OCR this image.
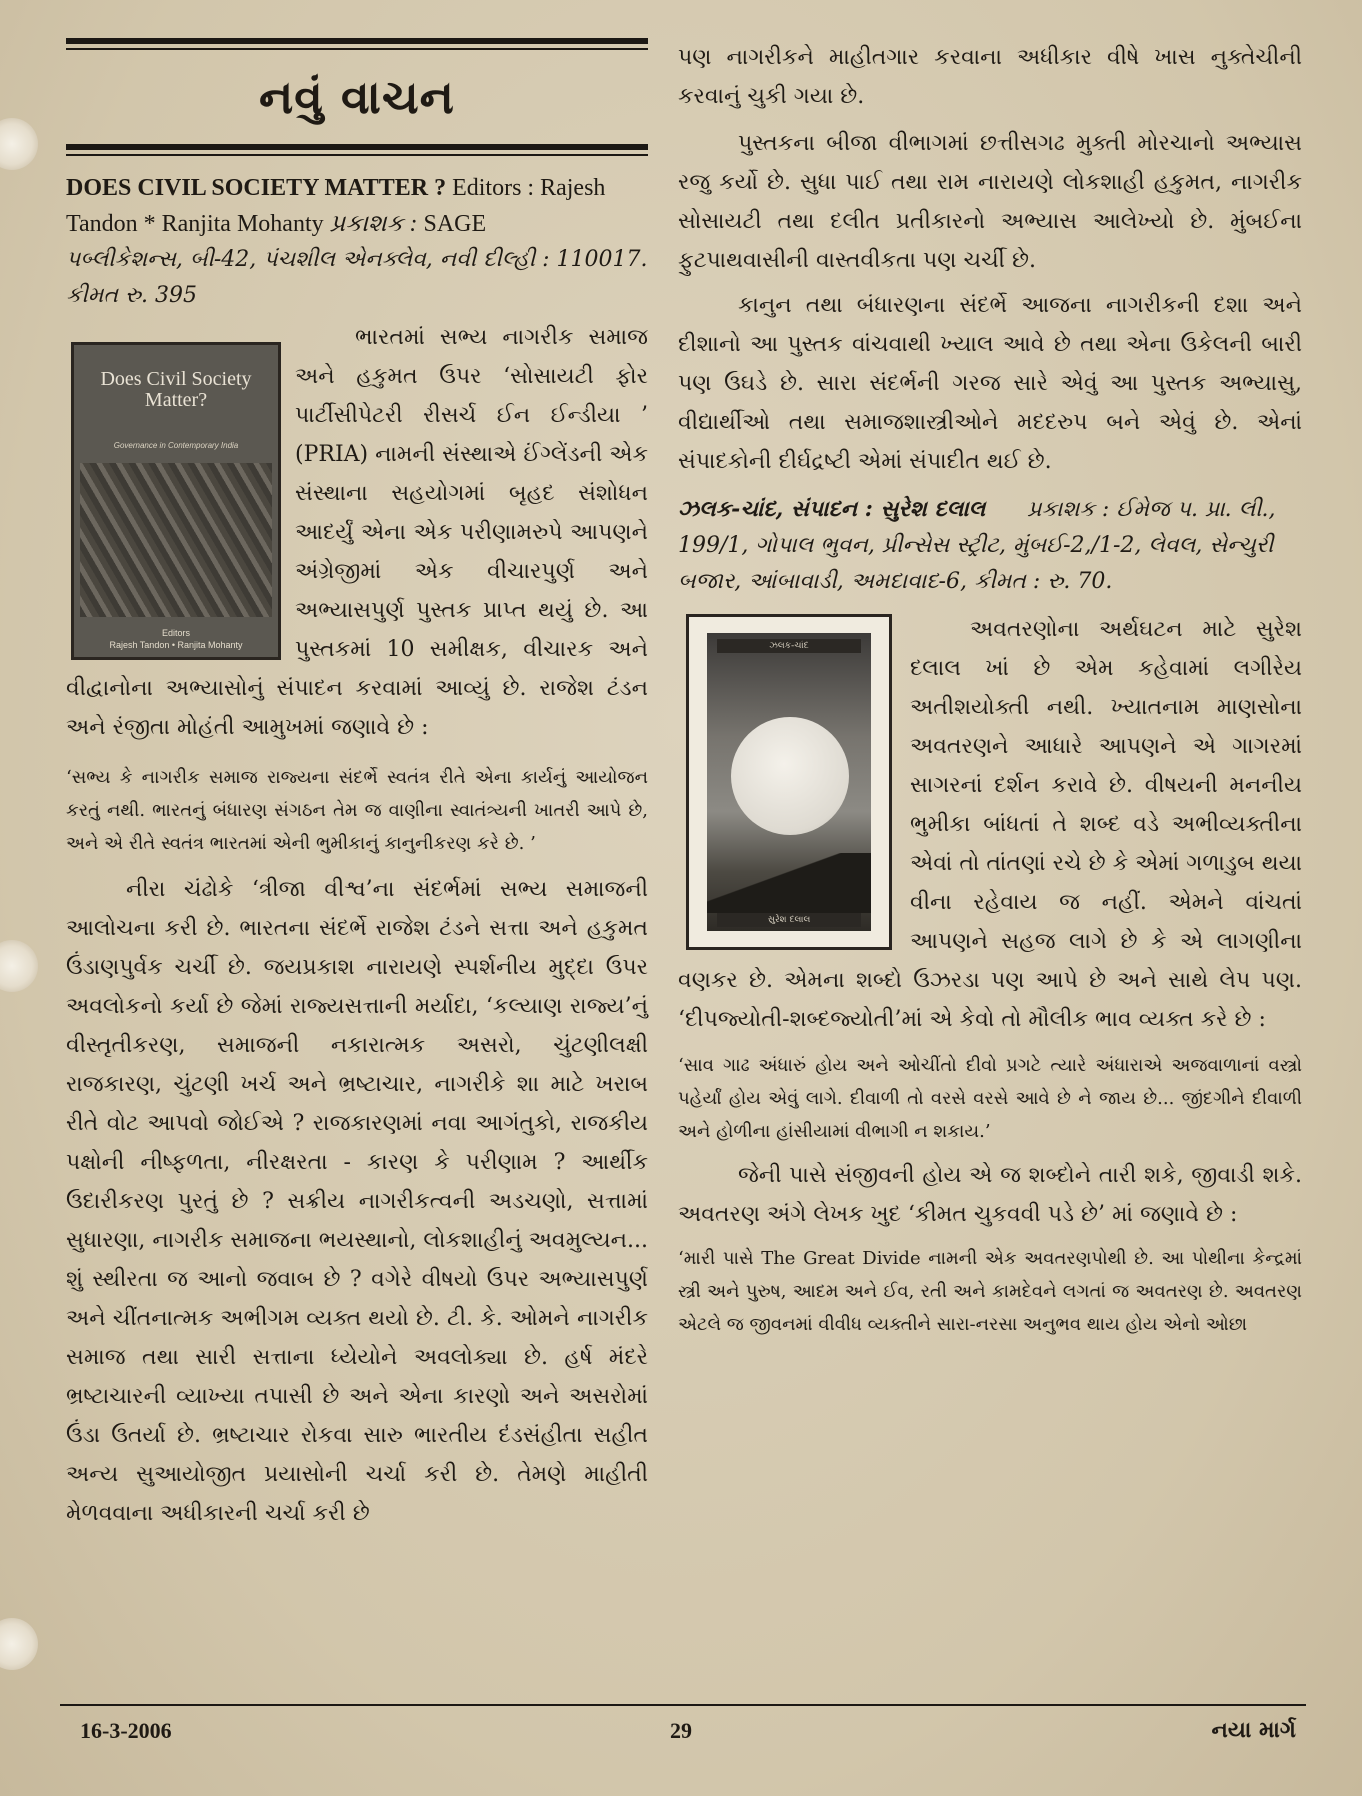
નવું વાચન

DOES CIVIL SOCIETY MATTER ? Editors : Rajesh Tandon * Ranjita Mohanty પ્રકાશક : SAGE

પબ્લીકેશન્સ, બી-42, પંચશીલ એનક્લેવ, નવી દીલ્હી : 110017. કીમત રુ. 395

Does Civil Society Matter?
Governance in Contemporary India
Editors
Rajesh Tandon • Ranjita Mohanty

ભારતમાં સભ્ય નાગરીક સમાજ અને હકુમત ઉપર ‘સોસાયટી ફોર પાર્ટીસીપેટરી રીસર્ચ ઈન ઈન્ડીયા ’ (PRIA) નામની સંસ્થાએ ઈંગ્લેંડની એક સંસ્થાના સહયોગમાં બૃહદ સંશોધન આદર્યું એના એક પરીણામરુપે આપણને અંગ્રેજીમાં એક વીચારપુર્ણ અને અભ્યાસપુર્ણ પુસ્તક પ્રાપ્ત થયું છે. આ પુસ્તકમાં 10 સમીક્ષક, વીચારક અને વીદ્વાનોના અભ્યાસોનું સંપાદન કરવામાં આવ્યું છે. રાજેશ ટંડન અને રંજીતા મોહંતી આમુખમાં જણાવે છે :

‘સભ્ય કે નાગરીક સમાજ રાજ્યના સંદર્ભે સ્વતંત્ર રીતે એના કાર્યનું આયોજન કરતું નથી. ભારતનું બંધારણ સંગઠન તેમ જ વાણીના સ્વાતંત્ર્યની ખાતરી આપે છે, અને એ રીતે સ્વતંત્ર ભારતમાં એની ભુમીકાનું કાનુનીકરણ કરે છે. ’

નીરા ચંઢોકે ‘ત્રીજા વીશ્વ’ના સંદર્ભમાં સભ્ય સમાજની આલોચના કરી છે. ભારતના સંદર્ભે રાજેશ ટંડને સત્તા અને હકુમત ઉંડાણપુર્વક ચર્ચી છે. જયપ્રકાશ નારાયણે સ્પર્શનીય મુદ્દા ઉપર અવલોકનો કર્યા છે જેમાં રાજ્યસત્તાની મર્યાદા, ‘કલ્યાણ રાજ્ય’નું વીસ્તૃતીકરણ, સમાજની નકારાત્મક અસરો, ચુંટણીલક્ષી રાજકારણ, ચુંટણી ખર્ચ અને ભ્રષ્ટાચાર, નાગરીકે શા માટે ખરાબ રીતે વોટ આપવો જોઈએ ? રાજકારણમાં નવા આગંતુકો, રાજકીય પક્ષોની નીષ્ફળતા, નીરક્ષરતા - કારણ કે પરીણામ ? આર્થીક ઉદારીકરણ પુરતું છે ? સક્રીય નાગરીકત્વની અડચણો, સત્તામાં સુધારણા, નાગરીક સમાજના ભયસ્થાનો, લોકશાહીનું અવમુલ્યન... શું સ્થીરતા જ આનો જવાબ છે ? વગેરે વીષયો ઉપર અભ્યાસપુર્ણ અને ચીંતનાત્મક અભીગમ વ્યક્ત થયો છે. ટી. કે. ઓમને નાગરીક સમાજ તથા સારી સત્તાના ધ્યેયોને અવલોક્યા છે. હર્ષ મંદરે ભ્રષ્ટાચારની વ્યાખ્યા તપાસી છે અને એના કારણો અને અસરોમાં ઉંડા ઉતર્યા છે. ભ્રષ્ટાચાર રોકવા સારુ ભારતીય દંડસંહીતા સહીત અન્ય સુઆયોજીત પ્રયાસોની ચર્ચા કરી છે. તેમણે માહીતી મેળવવાના અધીકારની ચર્ચા કરી છે

પણ નાગરીકને માહીતગાર કરવાના અધીકાર વીષે ખાસ નુક્તેચીની કરવાનું ચુકી ગયા છે.

પુસ્તકના બીજા વીભાગમાં છત્તીસગઢ મુક્તી મોરચાનો અભ્યાસ રજુ કર્યો છે. સુધા પાઈ તથા રામ નારાયણે લોકશાહી હકુમત, નાગરીક સોસાયટી તથા દલીત પ્રતીકારનો અભ્યાસ આલેખ્યો છે. મુંબઈના ફુટપાથવાસીની વાસ્તવીકતા પણ ચર્ચી છે.

કાનુન તથા બંધારણના સંદર્ભે આજના નાગરીકની દશા અને દીશાનો આ પુસ્તક વાંચવાથી ખ્યાલ આવે છે તથા એના ઉકેલની બારી પણ ઉઘડે છે. સારા સંદર્ભની ગરજ સારે એવું આ પુસ્તક અભ્યાસુ, વીદ્યાર્થીઓ તથા સમાજશાસ્ત્રીઓને મદદરુપ બને એવું છે. એનાં સંપાદકોની દીર્ઘદ્રષ્ટી એમાં સંપાદીત થઈ છે.

ઝલક-ચાંદ, સંપાદન : સુરેશ દલાલ પ્રકાશક : ઈમેજ પ. પ્રા. લી., 199/1, ગોપાલ ભુવન, પ્રીન્સેસ સ્ટ્રીટ, મુંબઈ-2,/1-2, લેવલ, સેન્ચુરી બજાર, આંબાવાડી, અમદાવાદ-6, કીમત : રુ. 70.

ઝલક-ચાંદ
સુરેશ દલાલ

અવતરણોના અર્થઘટન માટે સુરેશ દલાલ ખાં છે એમ કહેવામાં લગીરેય અતીશયોક્તી નથી. ખ્યાતનામ માણસોના અવતરણને આધારે આપણને એ ગાગરમાં સાગરનાં દર્શન કરાવે છે. વીષયની મનનીય ભુમીકા બાંધતાં તે શબ્દ વડે અભીવ્યક્તીના એવાં તો તાંતણાં રચે છે કે એમાં ગળાડુબ થયા વીના રહેવાય જ નહીં. એમને વાંચતાં આપણને સહજ લાગે છે કે એ લાગણીના વણકર છે. એમના શબ્દો ઉઝરડા પણ આપે છે અને સાથે લેપ પણ. ‘દીપજ્યોતી-શબ્દજ્યોતી’માં એ કેવો તો મૌલીક ભાવ વ્યક્ત કરે છે :

‘સાવ ગાઢ અંધારું હોય અને ઓચીંતો દીવો પ્રગટે ત્યારે અંધારાએ અજવાળાનાં વસ્ત્રો પહેર્યાં હોય એવું લાગે. દીવાળી તો વરસે વરસે આવે છે ને જાય છે... જીંદગીને દીવાળી અને હોળીના હાંસીયામાં વીભાગી ન શકાય.’

જેની પાસે સંજીવની હોય એ જ શબ્દોને તારી શકે, જીવાડી શકે. અવતરણ અંગે લેખક ખુદ ‘કીમત ચુકવવી પડે છે’ માં જણાવે છે :

‘મારી પાસે The Great Divide નામની એક અવતરણપોથી છે. આ પોથીના કેન્દ્રમાં સ્ત્રી અને પુરુષ, આદમ અને ઈવ, રતી અને કામદેવને લગતાં જ અવતરણ છે. અવતરણ એટલે જ જીવનમાં વીવીધ વ્યક્તીને સારા-નરસા અનુભવ થાય હોય એનો ઓછા

16-3-2006	29	નયા માર્ગ
